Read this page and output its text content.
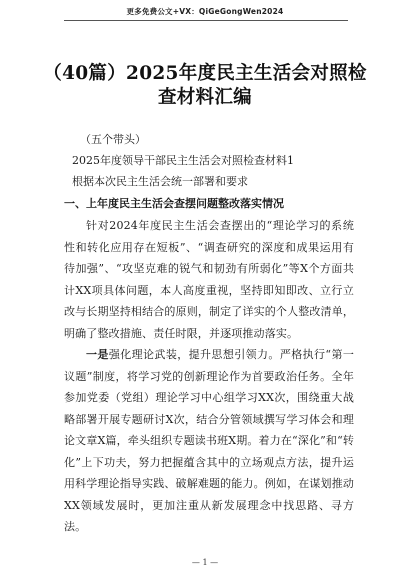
更多免费公文+VX：QiGeGongWen2024
（40篇）2025年度民主生活会对照检查材料汇编
（五个带头）
2025年度领导干部民主生活会对照检查材料1
根据本次民主生活会统一部署和要求
一、上年度民主生活会查摆问题整改落实情况
针对2024年度民主生活会查摆出的“理论学习的系统性和转化应用存在短板”、“调查研究的深度和成果运用有待加强”、“攻坚克难的锐气和韧劲有所弱化”等X个方面共计XX项具体问题，本人高度重视，坚持即知即改、立行立改与长期坚持相结合的原则，制定了详实的个人整改清单，明确了整改措施、责任时限，并逐项推动落实。
一是强化理论武装，提升思想引领力。严格执行“第一议题”制度，将学习党的创新理论作为首要政治任务。全年参加党委（党组）理论学习中心组学习XX次，围绕重大战略部署开展专题研讨X次，结合分管领域撰写学习体会和理论文章X篇，牵头组织专题读书班X期。着力在“深化”和“转化”上下功夫，努力把握蕴含其中的立场观点方法，提升运用科学理论指导实践、破解难题的能力。例如，在谋划推动XX领域发展时，更加注重从新发展理念中找思路、寻方法。
— 1 —
